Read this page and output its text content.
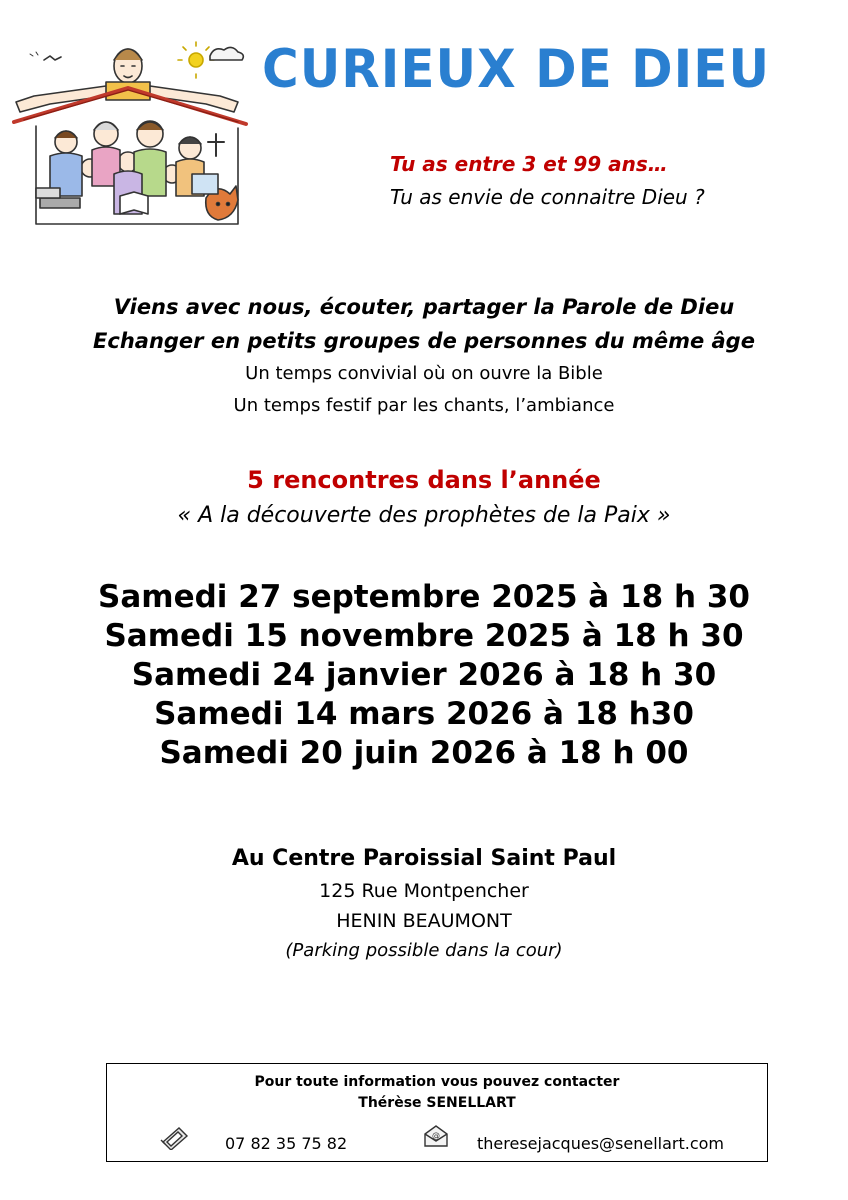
CURIEUX DE DIEU
Tu as entre 3 et 99 ans…
Tu as envie de connaitre Dieu ?
Viens avec nous, écouter, partager la Parole de Dieu
Echanger en petits groupes de personnes du même âge
Un temps convivial où on ouvre la Bible
Un temps festif par les chants, l’ambiance
5 rencontres dans l’année
« A la découverte des prophètes de la Paix »
Samedi 27 septembre 2025 à 18 h 30
Samedi 15 novembre 2025 à 18 h 30
Samedi 24 janvier 2026 à 18 h 30
Samedi 14 mars 2026 à 18 h30
Samedi 20 juin 2026 à 18 h 00
Au Centre Paroissial Saint Paul
125 Rue Montpencher
HENIN BEAUMONT
(Parking possible dans la cour)
Pour toute information vous pouvez contacter
Thérèse SENELLART
07 82 35 75 82	@ theresejacques@senellart.com
